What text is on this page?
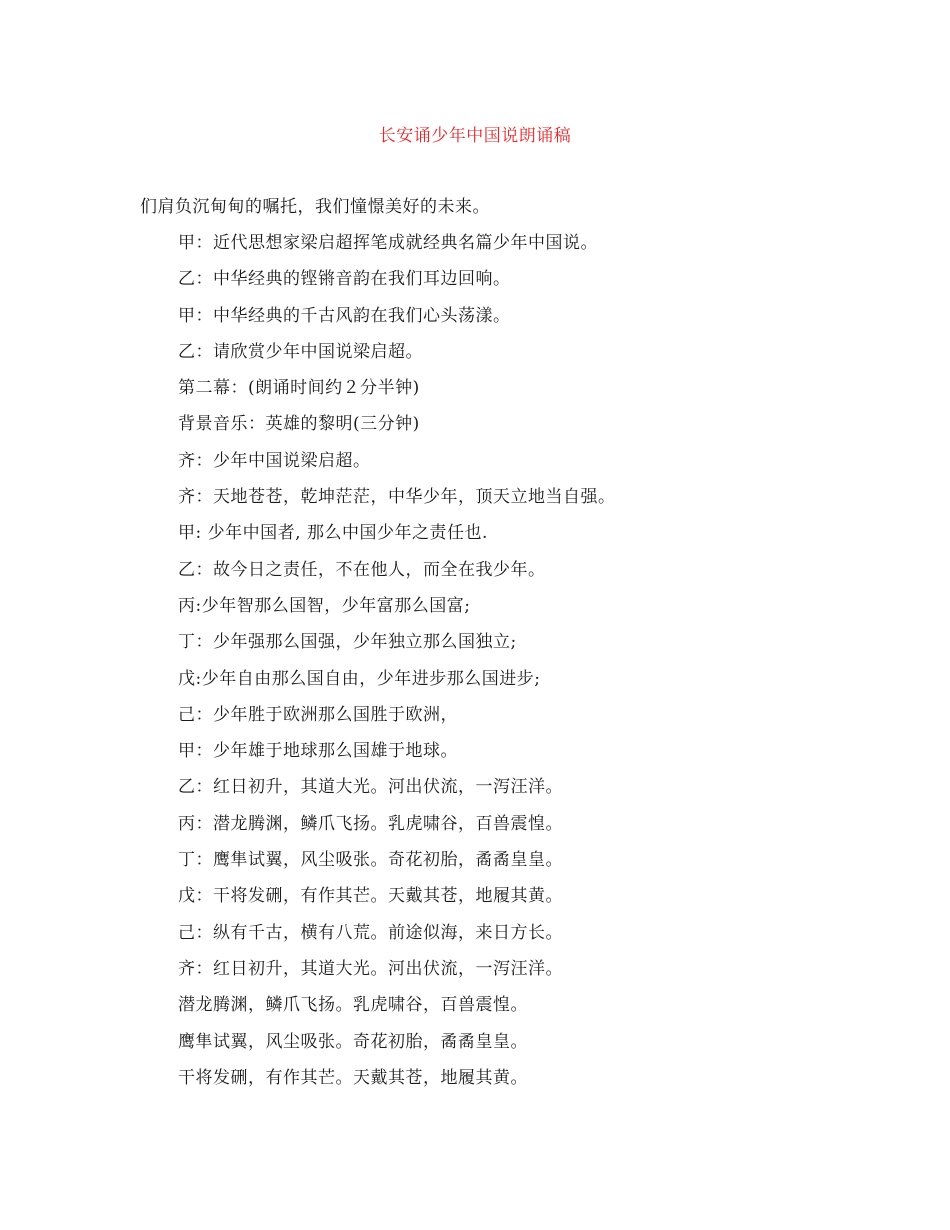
长安诵少年中国说朗诵稿
们肩负沉甸甸的嘱托，我们憧憬美好的未来。
甲：近代思想家梁启超挥笔成就经典名篇少年中国说。
乙：中华经典的铿锵音韵在我们耳边回响。
甲：中华经典的千古风韵在我们心头荡漾。
乙：请欣赏少年中国说梁启超。
第二幕：(朗诵时间约２分半钟)
背景音乐：英雄的黎明(三分钟)
齐：少年中国说梁启超。
齐：天地苍苍，乾坤茫茫，中华少年，顶天立地当自强。
甲: 少年中国者, 那么中国少年之责任也.
乙：故今日之责任，不在他人，而全在我少年。
丙:少年智那么国智，少年富那么国富;
丁：少年强那么国强，少年独立那么国独立;
戊:少年自由那么国自由，少年进步那么国进步;
己：少年胜于欧洲那么国胜于欧洲，
甲：少年雄于地球那么国雄于地球。
乙：红日初升，其道大光。河出伏流，一泻汪洋。
丙：潜龙腾渊，鳞爪飞扬。乳虎啸谷，百兽震惶。
丁：鹰隼试翼，风尘吸张。奇花初胎，矞矞皇皇。
戊：干将发硎，有作其芒。天戴其苍，地履其黄。
己：纵有千古，横有八荒。前途似海，来日方长。
齐：红日初升，其道大光。河出伏流，一泻汪洋。
潜龙腾渊，鳞爪飞扬。乳虎啸谷，百兽震惶。
鹰隼试翼，风尘吸张。奇花初胎，矞矞皇皇。
干将发硎，有作其芒。天戴其苍，地履其黄。
